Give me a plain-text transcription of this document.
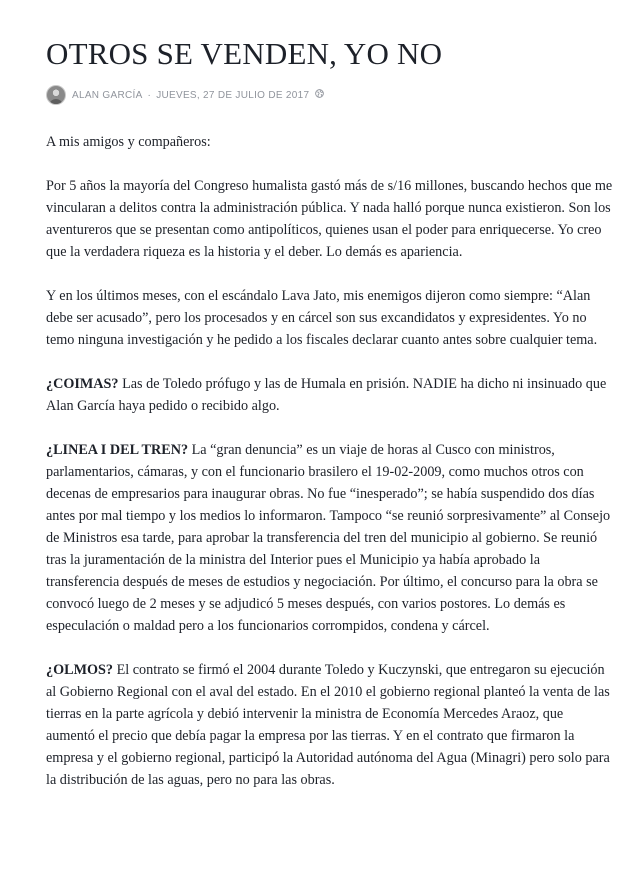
OTROS SE VENDEN, YO NO
ALAN GARCÍA · JUEVES, 27 DE JULIO DE 2017

A mis amigos y compañeros:

Por 5 años la mayoría del Congreso humalista gastó más de s/16 millones, buscando hechos que me vincularan a delitos contra la administración pública. Y nada halló porque nunca existieron. Son los aventureros que se presentan como antipolíticos, quienes usan el poder para enriquecerse. Yo creo que la verdadera riqueza es la historia y el deber. Lo demás es apariencia.

Y en los últimos meses, con el escándalo Lava Jato, mis enemigos dijeron como siempre: “Alan debe ser acusado”, pero los procesados y en cárcel son sus excandidatos y expresidentes. Yo no temo ninguna investigación y he pedido a los fiscales declarar cuanto antes sobre cualquier tema.

¿COIMAS? Las de Toledo prófugo y las de Humala en prisión. NADIE ha dicho ni insinuado que Alan García haya pedido o recibido algo.

¿LINEA I DEL TREN? La “gran denuncia” es un viaje de horas al Cusco con ministros, parlamentarios, cámaras, y con el funcionario brasilero el 19-02-2009, como muchos otros con decenas de empresarios para inaugurar obras. No fue “inesperado”; se había suspendido dos días antes por mal tiempo y los medios lo informaron. Tampoco “se reunió sorpresivamente” al Consejo de Ministros esa tarde, para aprobar la transferencia del tren del municipio al gobierno. Se reunió tras la juramentación de la ministra del Interior pues el Municipio ya había aprobado la transferencia después de meses de estudios y negociación. Por último, el concurso para la obra se convocó luego de 2 meses y se adjudicó 5 meses después, con varios postores. Lo demás es especulación o maldad pero a los funcionarios corrompidos, condena y cárcel.

¿OLMOS? El contrato se firmó el 2004 durante Toledo y Kuczynski, que entregaron su ejecución al Gobierno Regional con el aval del estado. En el 2010 el gobierno regional planteó la venta de las tierras en la parte agrícola y debió intervenir la ministra de Economía Mercedes Araoz, que aumentó el precio que debía pagar la empresa por las tierras. Y en el contrato que firmaron la empresa y el gobierno regional, participó la Autoridad autónoma del Agua (Minagri) pero solo para la distribución de las aguas, pero no para las obras.
